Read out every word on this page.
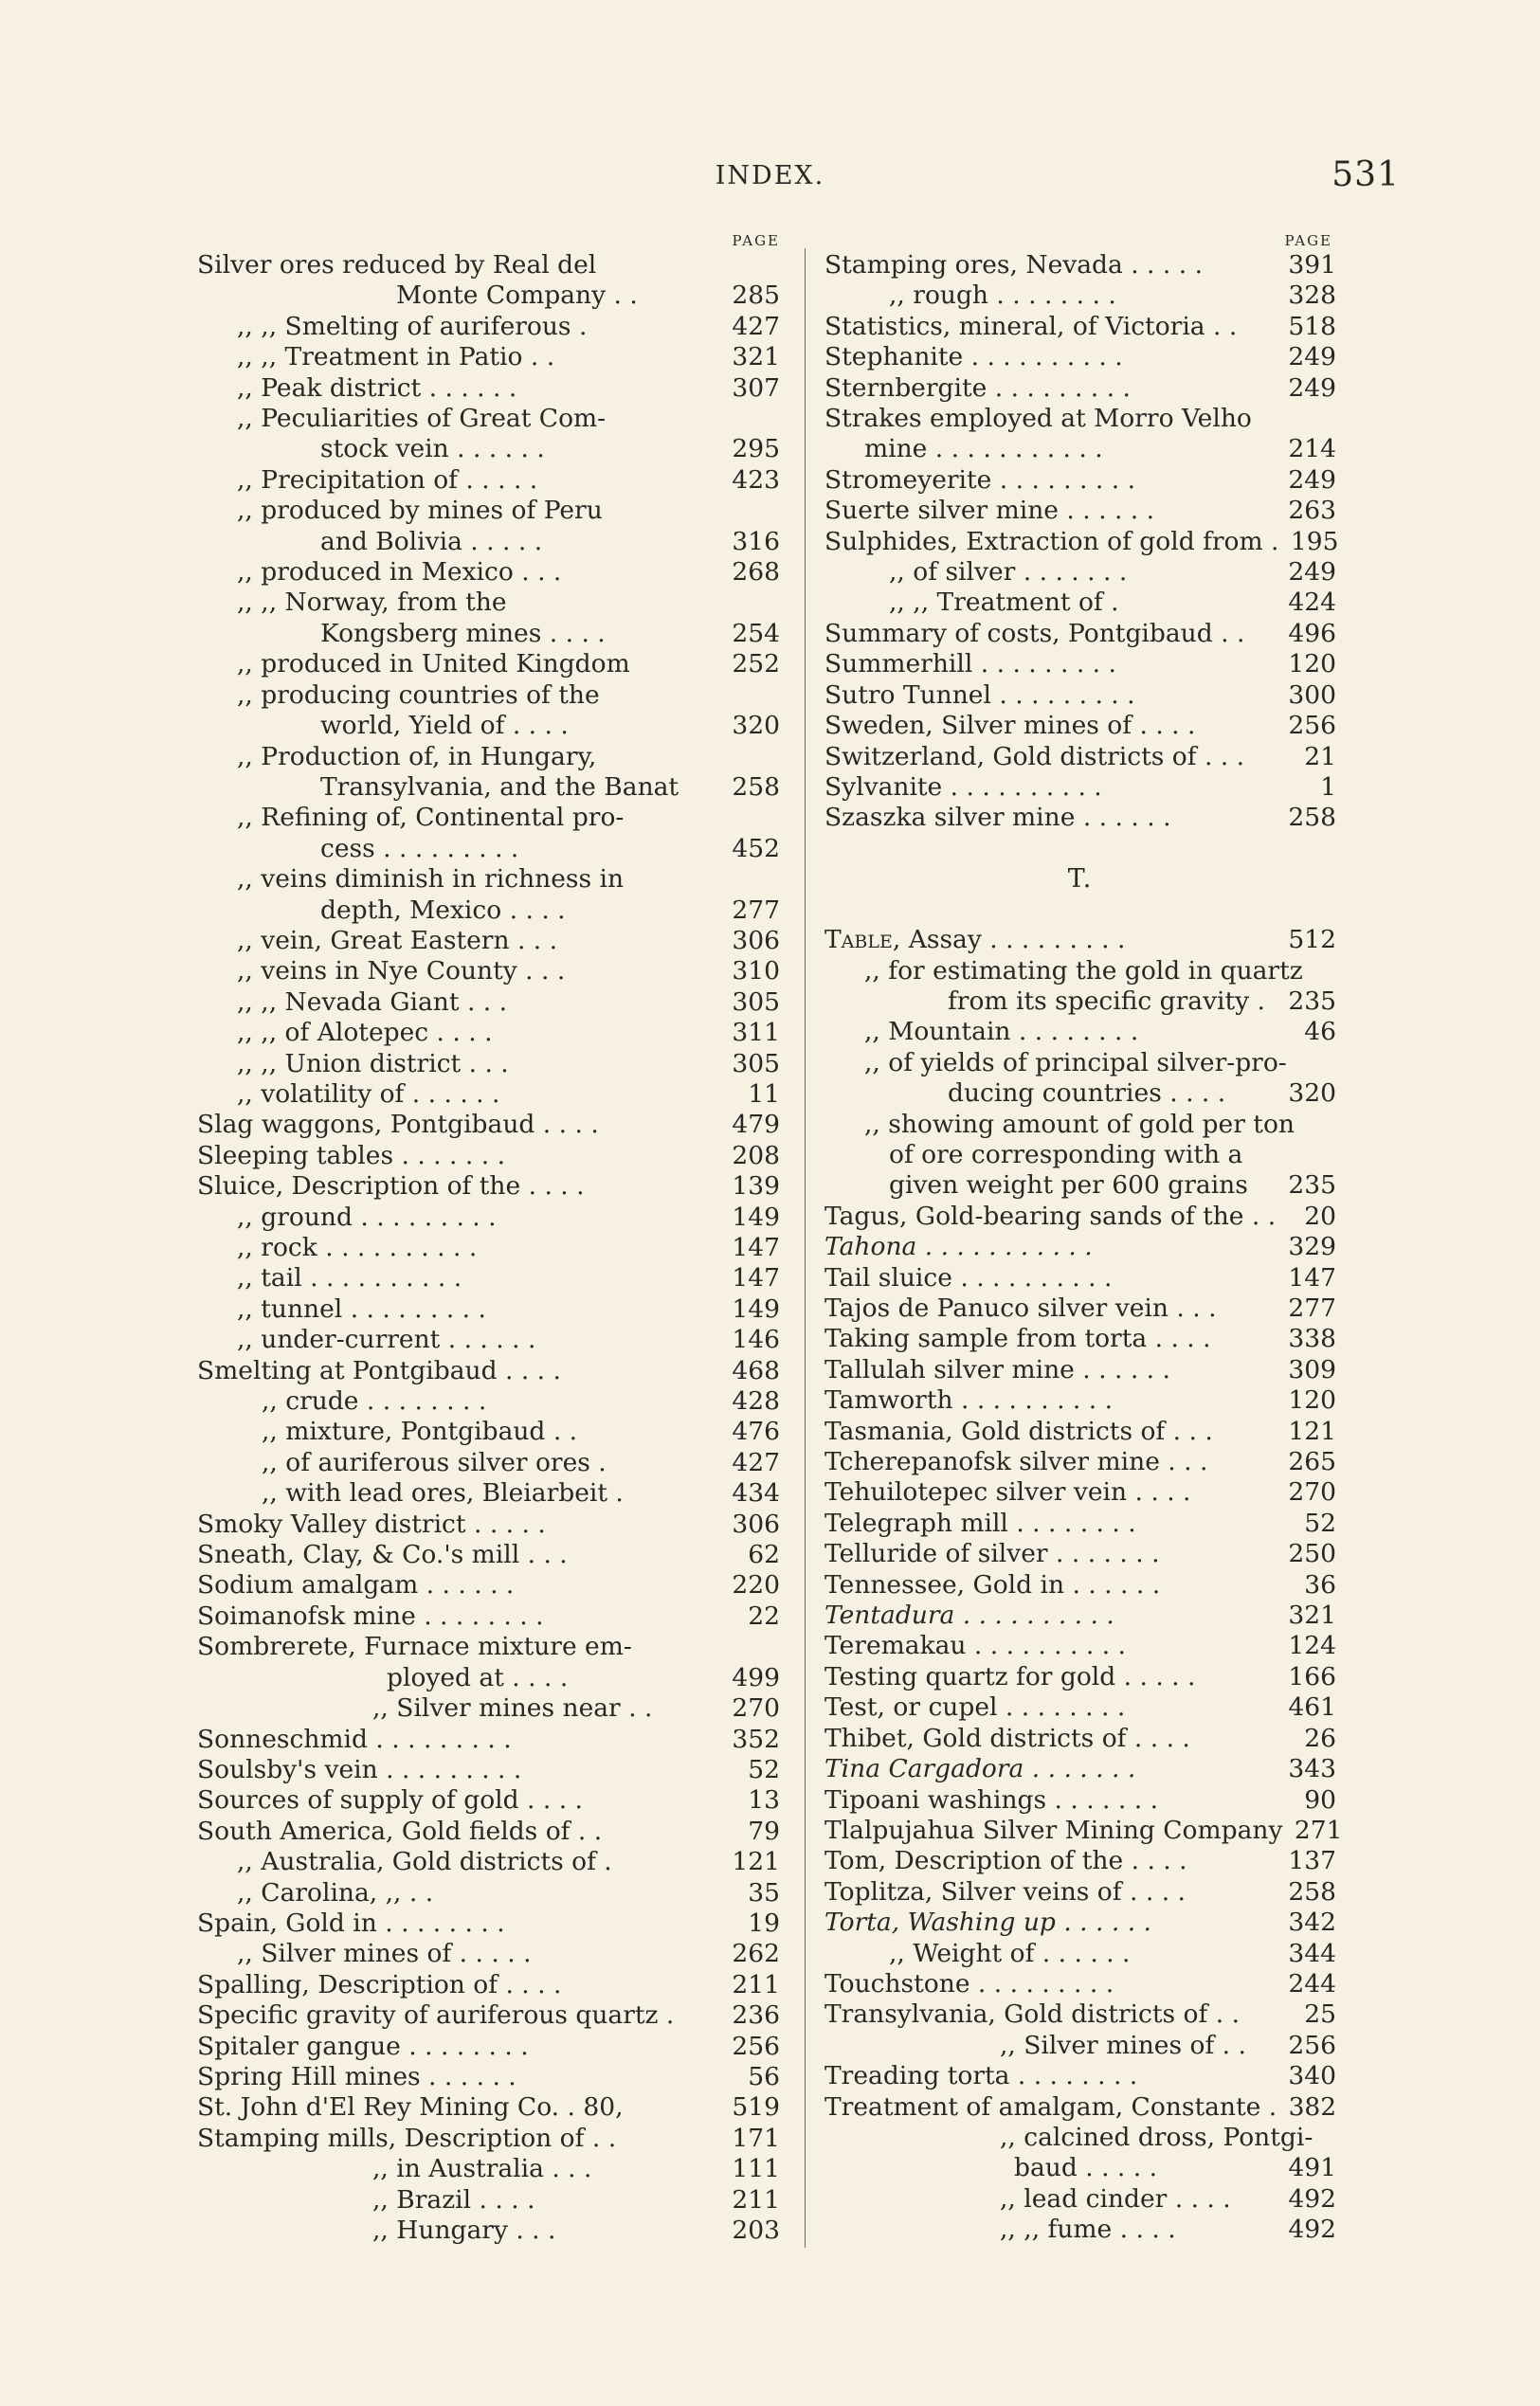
INDEX.	531
PAGE
Silver ores reduced by Real del
Monte Company . .	285
,, ,, Smelting of auriferous .	427
,, ,, Treatment in Patio . .	321
,, Peak district . . . . . .	307
,, Peculiarities of Great Com-
stock vein . . . . . .	295
,, Precipitation of . . . . .	423
,, produced by mines of Peru
and Bolivia . . . . .	316
,, produced in Mexico . . .	268
,, ,, Norway, from the
Kongsberg mines . . . .	254
,, produced in United Kingdom	252
,, producing countries of the
world, Yield of . . . .	320
,, Production of, in Hungary,
Transylvania, and the Banat	258
,, Refining of, Continental pro-
cess . . . . . . . . .	452
,, veins diminish in richness in
depth, Mexico . . . .	277
,, vein, Great Eastern . . .	306
,, veins in Nye County . . .	310
,, ,, Nevada Giant . . .	305
,, ,, of Alotepec . . . .	311
,, ,, Union district . . .	305
,, volatility of . . . . . .	11
Slag waggons, Pontgibaud . . . .	479
Sleeping tables . . . . . . .	208
Sluice, Description of the . . . .	139
,, ground . . . . . . . . .	149
,, rock . . . . . . . . . .	147
,, tail . . . . . . . . . .	147
,, tunnel . . . . . . . . .	149
,, under-current . . . . . .	146
Smelting at Pontgibaud . . . .	468
,, crude . . . . . . . .	428
,, mixture, Pontgibaud . .	476
,, of auriferous silver ores .	427
,, with lead ores, Bleiarbeit .	434
Smoky Valley district . . . . .	306
Sneath, Clay, & Co.'s mill . . .	62
Sodium amalgam . . . . . .	220
Soimanofsk mine . . . . . . . .	22
Sombrerete, Furnace mixture em-
ployed at . . . .	499
,, Silver mines near . .	270
Sonneschmid . . . . . . . . .	352
Soulsby's vein . . . . . . . . .	52
Sources of supply of gold . . . .	13
South America, Gold fields of . .	79
,, Australia, Gold districts of .	121
,, Carolina, ,, . .	35
Spain, Gold in . . . . . . . .	19
,, Silver mines of . . . . .	262
Spalling, Description of . . . .	211
Specific gravity of auriferous quartz .	236
Spitaler gangue . . . . . . . .	256
Spring Hill mines . . . . . .	56
St. John d'El Rey Mining Co. . 80,	519
Stamping mills, Description of . .	171
,, in Australia . . .	111
,, Brazil . . . .	211
,, Hungary . . .	203
PAGE
Stamping ores, Nevada . . . . .	391
,, rough . . . . . . . .	328
Statistics, mineral, of Victoria . .	518
Stephanite . . . . . . . . . .	249
Sternbergite . . . . . . . . .	249
Strakes employed at Morro Velho
mine . . . . . . . . . . .	214
Stromeyerite . . . . . . . . .	249
Suerte silver mine . . . . . .	263
Sulphides, Extraction of gold from . 195
,, of silver . . . . . . .	249
,, ,, Treatment of .	424
Summary of costs, Pontgibaud . .	496
Summerhill . . . . . . . . .	120
Sutro Tunnel . . . . . . . . .	300
Sweden, Silver mines of . . . .	256
Switzerland, Gold districts of . . .	21
Sylvanite . . . . . . . . . .	1
Szaszka silver mine . . . . . .	258
T.
Table, Assay . . . . . . . . .	512
,, for estimating the gold in quartz
from its specific gravity . 235
,, Mountain . . . . . . . .	46
,, of yields of principal silver-pro-
ducing countries . . . .	320
,, showing amount of gold per ton
of ore corresponding with a
given weight per 600 grains	235
Tagus, Gold-bearing sands of the . .	20
Tahona . . . . . . . . . . .	329
Tail sluice . . . . . . . . . .	147
Tajos de Panuco silver vein . . .	277
Taking sample from torta . . . .	338
Tallulah silver mine . . . . . .	309
Tamworth . . . . . . . . . .	120
Tasmania, Gold districts of . . .	121
Tcherepanofsk silver mine . . .	265
Tehuilotepec silver vein . . . .	270
Telegraph mill . . . . . . . .	52
Telluride of silver . . . . . . .	250
Tennessee, Gold in . . . . . .	36
Tentadura . . . . . . . . . .	321
Teremakau . . . . . . . . . .	124
Testing quartz for gold . . . . .	166
Test, or cupel . . . . . . . .	461
Thibet, Gold districts of . . . .	26
Tina Cargadora . . . . . . .	343
Tipoani washings . . . . . . .	90
Tlalpujahua Silver Mining Company 271
Tom, Description of the . . . .	137
Toplitza, Silver veins of . . . .	258
Torta, Washing up . . . . . .	342
,, Weight of . . . . . .	344
Touchstone . . . . . . . . .	244
Transylvania, Gold districts of . .	25
,, Silver mines of . .	256
Treading torta . . . . . . . .	340
Treatment of amalgam, Constante . 382
,, calcined dross, Pontgi-
baud . . . . .	491
,, lead cinder . . . .	492
,, ,, fume . . . .	492
